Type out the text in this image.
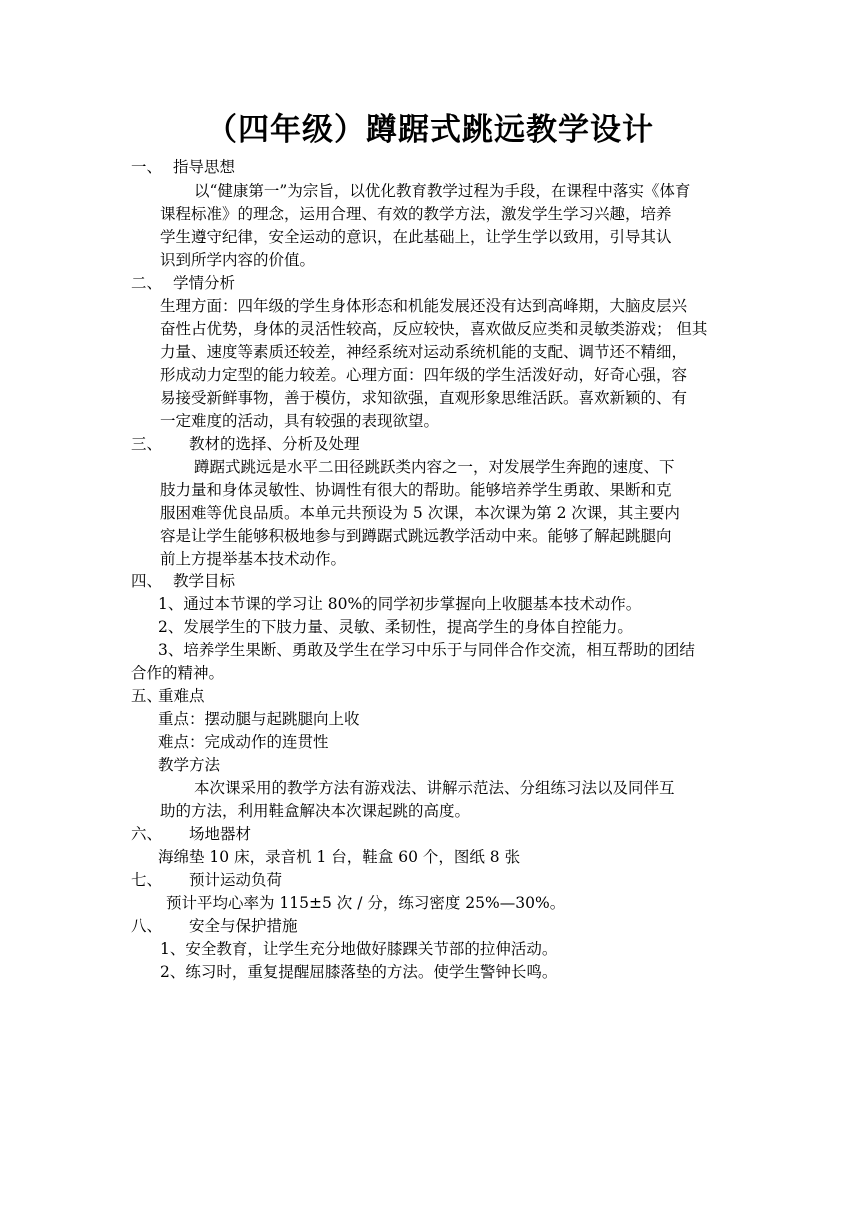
（四年级）蹲踞式跳远教学设计
一、 指导思想
以“健康第一”为宗旨，以优化教育教学过程为手段，在课程中落实《体育
课程标准》的理念，运用合理、有效的教学方法，激发学生学习兴趣，培养
学生遵守纪律，安全运动的意识，在此基础上，让学生学以致用，引导其认
识到所学内容的价值。
二、 学情分析
生理方面：四年级的学生身体形态和机能发展还没有达到高峰期，大脑皮层兴
奋性占优势，身体的灵活性较高，反应较快，喜欢做反应类和灵敏类游戏； 但其
力量、速度等素质还较差，神经系统对运动系统机能的支配、调节还不精细，
形成动力定型的能力较差。心理方面：四年级的学生活泼好动，好奇心强，容
易接受新鲜事物，善于模仿，求知欲强，直观形象思维活跃。喜欢新颖的、有
一定难度的活动，具有较强的表现欲望。
三、 教材的选择、分析及处理
蹲踞式跳远是水平二田径跳跃类内容之一，对发展学生奔跑的速度、下
肢力量和身体灵敏性、协调性有很大的帮助。能够培养学生勇敢、果断和克
服困难等优良品质。本单元共预设为 5 次课，本次课为第 2 次课，其主要内
容是让学生能够积极地参与到蹲踞式跳远教学活动中来。能够了解起跳腿向
前上方提举基本技术动作。
四、 教学目标
1、通过本节课的学习让 80%的同学初步掌握向上收腿基本技术动作。
2、发展学生的下肢力量、灵敏、柔韧性，提高学生的身体自控能力。
3、培养学生果断、勇敢及学生在学习中乐于与同伴合作交流，相互帮助的团结
合作的精神。
五、
重难点
重点：摆动腿与起跳腿向上收
难点：完成动作的连贯性
教学方法
本次课采用的教学方法有游戏法、讲解示范法、分组练习法以及同伴互
助的方法，利用鞋盒解决本次课起跳的高度。
六、 场地器材
海绵垫 10 床，录音机 1 台，鞋盒 60 个，图纸 8 张
七、 预计运动负荷
预计平均心率为 115±5 次 / 分，练习密度 25%—30%。
八、 安全与保护措施
1、安全教育，让学生充分地做好膝踝关节部的拉伸活动。
2、练习时，重复提醒屈膝落垫的方法。使学生警钟长鸣。
